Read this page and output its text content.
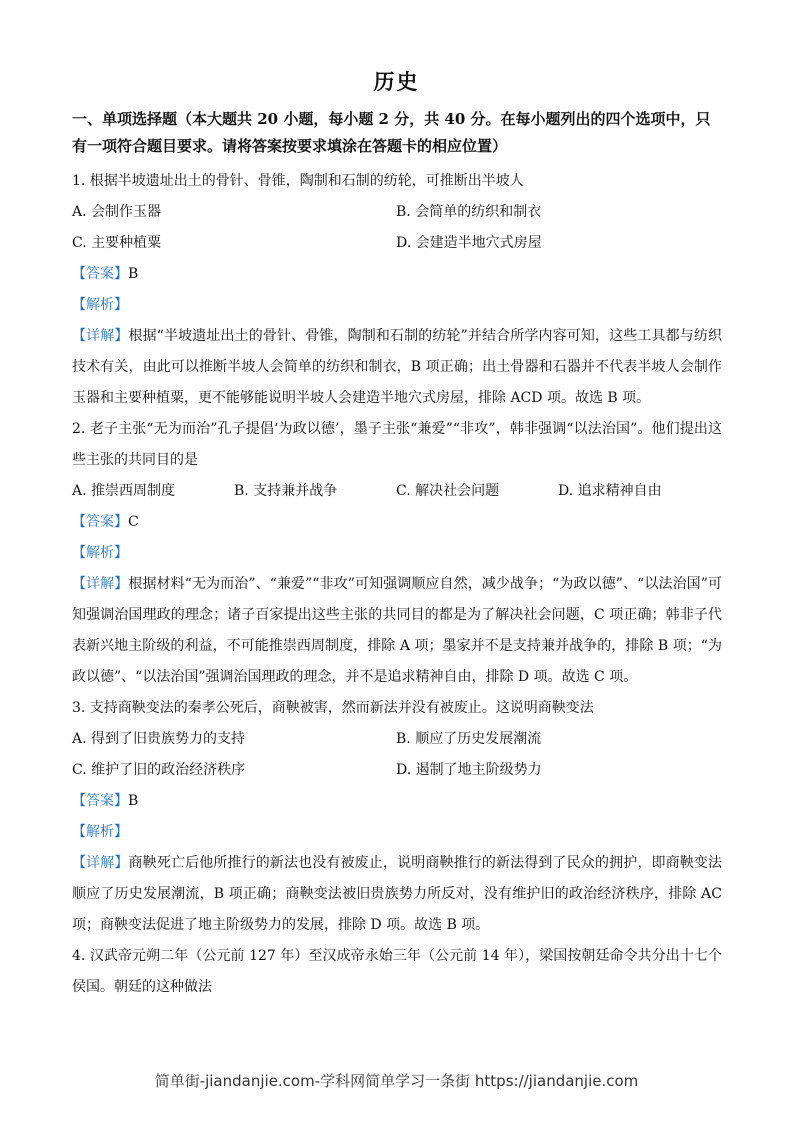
历史
一、单项选择题（本大题共 20 小题，每小题 2 分，共 40 分。在每小题列出的四个选项中，只有一项符合题目要求。请将答案按要求填涂在答题卡的相应位置）
1. 根据半坡遗址出土的骨针、骨锥，陶制和石制的纺轮，可推断出半坡人
A. 会制作玉器	B. 会简单的纺织和制衣
C. 主要种植粟	D. 会建造半地穴式房屋
【答案】B
【解析】
【详解】根据“半坡遗址出土的骨针、骨锥，陶制和石制的纺轮”并结合所学内容可知，这些工具都与纺织技术有关，由此可以推断半坡人会简单的纺织和制衣，B 项正确；出土骨器和石器并不代表半坡人会制作玉器和主要种植粟，更不能够能说明半坡人会建造半地穴式房屋，排除 ACD 项。故选 B 项。
2. 老子主张“无为而治”孔子提倡‘为政以德’，墨子主张“兼爱”“非攻”，韩非强调“以法治国”。他们提出这些主张的共同目的是
A. 推崇西周制度	B. 支持兼并战争	C. 解决社会问题	D. 追求精神自由
【答案】C
【解析】
【详解】根据材料“无为而治”、“兼爱”“非攻”可知强调顺应自然，减少战争；“为政以德”、“以法治国”可知强调治国理政的理念；诸子百家提出这些主张的共同目的都是为了解决社会问题，C 项正确；韩非子代表新兴地主阶级的利益，不可能推崇西周制度，排除 A 项；墨家并不是支持兼并战争的，排除 B 项；“为政以德”、“以法治国”强调治国理政的理念，并不是追求精神自由，排除 D 项。故选 C 项。
3. 支持商鞅变法的秦孝公死后，商鞅被害，然而新法并没有被废止。这说明商鞅变法
A. 得到了旧贵族势力的支持	B. 顺应了历史发展潮流
C. 维护了旧的政治经济秩序	D. 遏制了地主阶级势力
【答案】B
【解析】
【详解】商鞅死亡后他所推行的新法也没有被废止，说明商鞅推行的新法得到了民众的拥护，即商鞅变法顺应了历史发展潮流，B 项正确；商鞅变法被旧贵族势力所反对，没有维护旧的政治经济秩序，排除 AC 项；商鞅变法促进了地主阶级势力的发展，排除 D 项。故选 B 项。
4. 汉武帝元朔二年（公元前 127 年）至汉成帝永始三年（公元前 14 年），梁国按朝廷命令共分出十七个侯国。朝廷的这种做法
简单街-jiandanjie.com-学科网简单学习一条街 https://jiandanjie.com
